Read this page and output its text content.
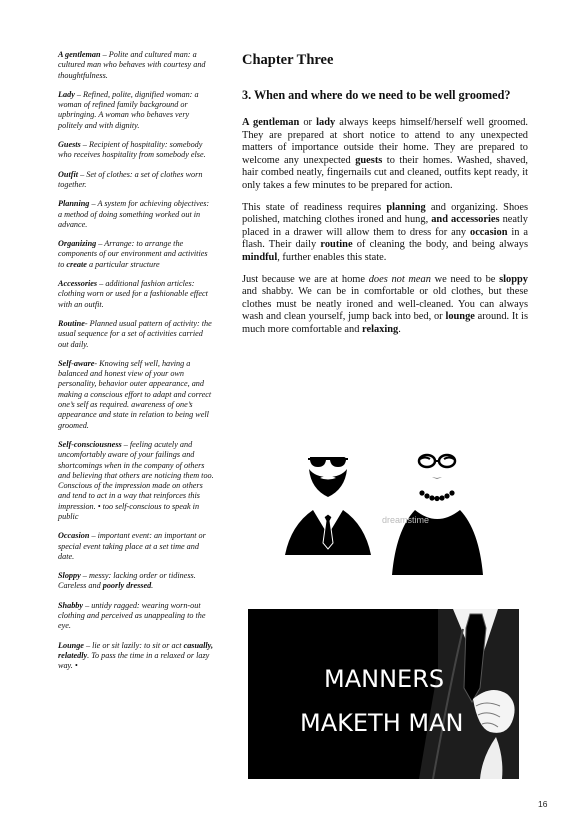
A gentleman – Polite and cultured man: a cultured man who behaves with courtesy and thoughtfulness.
Lady – Refined, polite, dignified woman: a woman of refined family background or upbringing. A woman who behaves very politely and with dignity.
Guests – Recipient of hospitality: somebody who receives hospitality from somebody else.
Outfit – Set of clothes: a set of clothes worn together.
Planning – A system for achieving objectives: a method of doing something worked out in advance.
Organizing – Arrange: to arrange the components of our environment and activities to create a particular structure
Accessories – additional fashion articles: clothing worn or used for a fashionable effect with an outfit.
Routine- Planned usual pattern of activity: the usual sequence for a set of activities carried out daily.
Self-aware- Knowing self well, having a balanced and honest view of your own personality, behavior outer appearance, and making a conscious effort to adapt and correct one’s self as required. awareness of one’s appearance and state in relation to being well groomed.
Self-consciousness – feeling acutely and uncomfortably aware of your failings and shortcomings when in the company of others and believing that others are noticing them too.
Conscious of the impression made on others and tend to act in a way that reinforces this impression. • too self-conscious to speak in public
Occasion – important event: an important or special event taking place at a set time and date.
Sloppy – messy: lacking order or tidiness. Careless and poorly dressed.
Shabby – untidy ragged: wearing worn-out clothing and perceived as unappealing to the eye.
Lounge – lie or sit lazily: to sit or act casually, relatedly. To pass the time in a relaxed or lazy way. •
Chapter Three
3. When and where do we need to be well groomed?

A gentleman or lady always keeps himself/herself well groomed. They are prepared at short notice to attend to any unexpected matters of importance outside their home. They are prepared to welcome any unexpected guests to their homes. Washed, shaved, hair combed neatly, fingernails cut and cleaned, outfits kept ready, it only takes a few minutes to be prepared for action.

This state of readiness requires planning and organizing. Shoes polished, matching clothes ironed and hung, and accessories neatly placed in a drawer will allow them to dress for any occasion in a flash. Their daily routine of cleaning the body, and being always mindful, further enables this state.

Just because we are at home does not mean we need to be sloppy and shabby. We can be in comfortable or old clothes, but these clothes must be neatly ironed and well-cleaned. You can always wash and clean yourself, jump back into bed, or lounge around. It is much more comfortable and relaxing.

dreamstime
MANNERS
MAKETH MAN
16
